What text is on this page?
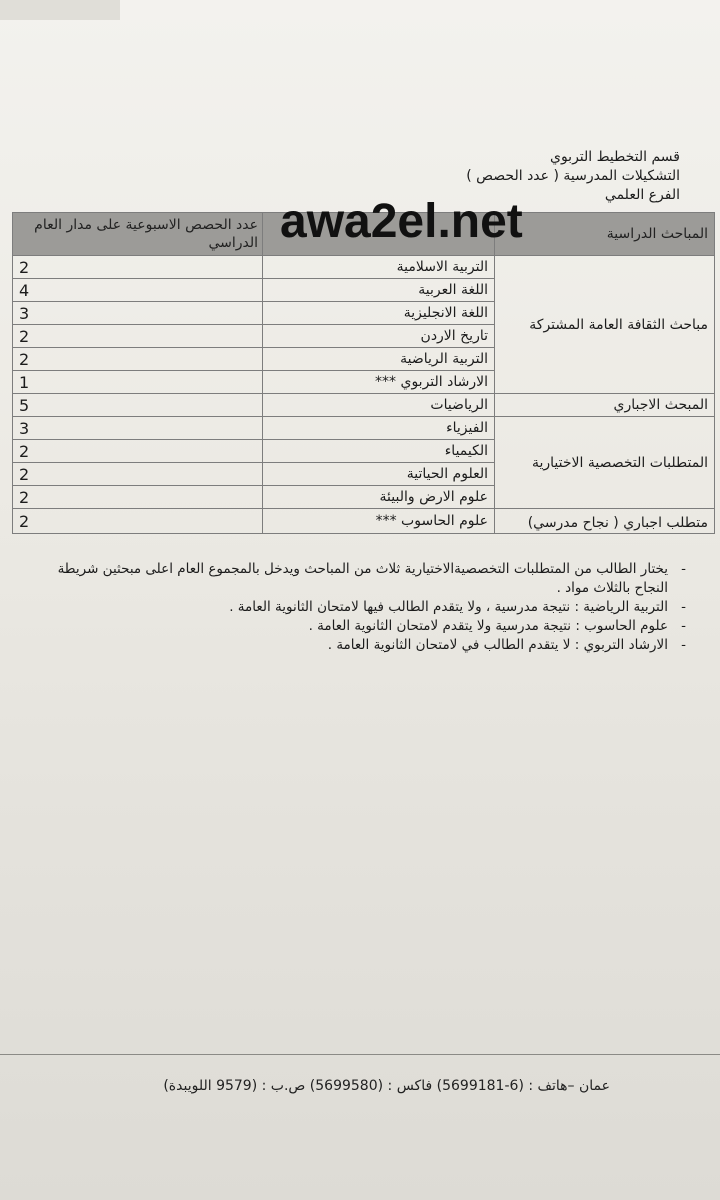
قسم التخطيط التربوي
التشكيلات المدرسية ( عدد الحصص )
الفرع العلمي
المباحث الدراسية		عدد الحصص الاسبوعية على مدار العام الدراسي
مباحث الثقافة العامة المشتركة	التربية الاسلامية	2
	اللغة العربية	4
	اللغة الانجليزية	3
	تاريخ الاردن	2
	التربية الرياضية	2
	الارشاد التربوي ***	1
المبحث الاجباري	الرياضيات	5
المتطلبات التخصصية الاختيارية	الفيزياء	3
	الكيمياء	2
	العلوم الحياتية	2
	علوم الارض والبيئة	2
متطلب اجباري ( نجاح مدرسي)	علوم الحاسوب ***	2
awa2el.net
- يختار الطالب من المتطلبات التخصصيةالاختيارية ثلاث من المباحث ويدخل بالمجموع العام اعلى مبحثين شريطة النجاح بالثلاث مواد .
- التربية الرياضية : نتيجة مدرسية ، ولا يتقدم الطالب فيها لامتحان الثانوية العامة .
- علوم الحاسوب : نتيجة مدرسية ولا يتقدم لامتحان الثانوية العامة .
- الارشاد التربوي : لا يتقدم الطالب في لامتحان الثانوية العامة .
عمان –هاتف : (6-5699181) فاكس : (5699580) ص.ب : (9579 اللويبدة)
